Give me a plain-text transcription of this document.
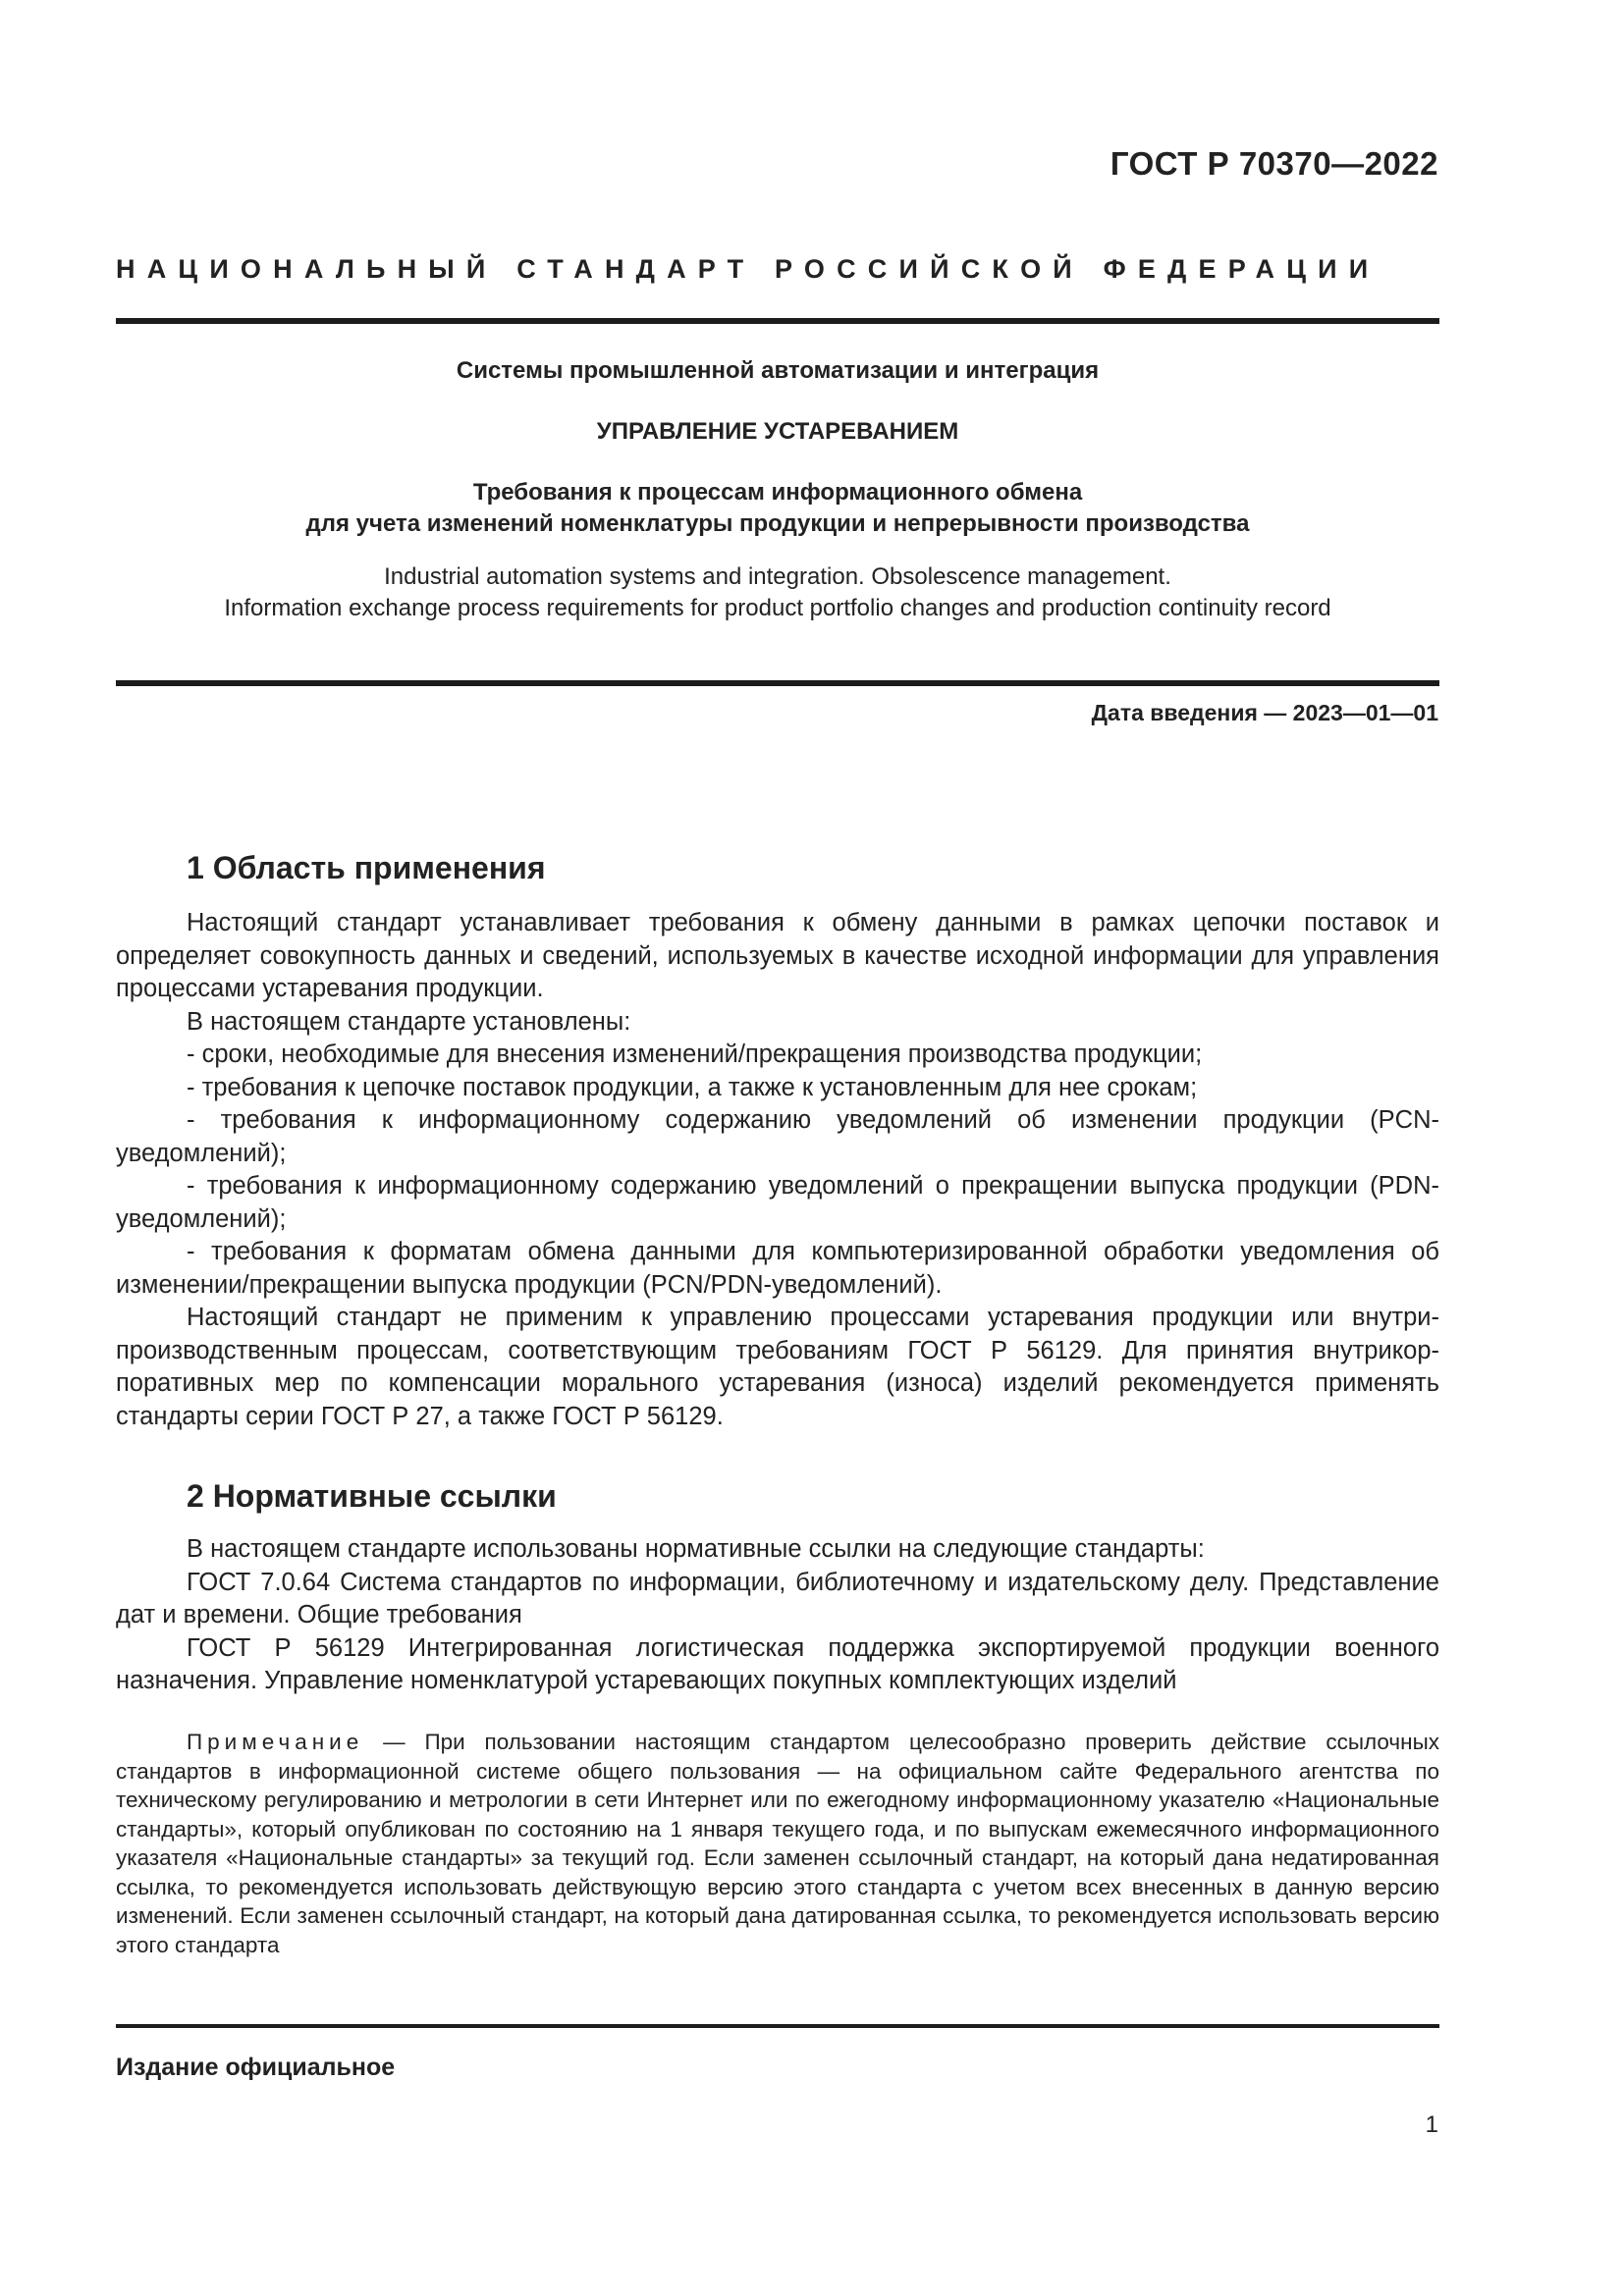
ГОСТ Р 70370—2022
НАЦИОНАЛЬНЫЙ СТАНДАРТ РОССИЙСКОЙ ФЕДЕРАЦИИ
Системы промышленной автоматизации и интеграция
УПРАВЛЕНИЕ УСТАРЕВАНИЕМ
Требования к процессам информационного обмена
для учета изменений номенклатуры продукции и непрерывности производства
Industrial automation systems and integration. Obsolescence management.
Information exchange process requirements for product portfolio changes and production continuity record
Дата введения — 2023—01—01
1 Область применения

Настоящий стандарт устанавливает требования к обмену данными в рамках цепочки поставок и определяет совокупность данных и сведений, используемых в качестве исходной информации для управления процессами устаревания продукции.

В настоящем стандарте установлены:

- сроки, необходимые для внесения изменений/прекращения производства продукции;

- требования к цепочке поставок продукции, а также к установленным для нее срокам;

- требования к информационному содержанию уведомлений об изменении продукции (PCN-уведомлений);

- требования к информационному содержанию уведомлений о прекращении выпуска продукции (PDN-уведомлений);

- требования к форматам обмена данными для компьютеризированной обработки уведомления об изменении/прекращении выпуска продукции (PCN/PDN-уведомлений).

Настоящий стандарт не применим к управлению процессами устаревания продукции или внутрипроизводственным процессам, соответствующим требованиям ГОСТ Р 56129. Для принятия внутрикорпоративных мер по компенсации морального устаревания (износа) изделий рекомендуется применять стандарты серии ГОСТ Р 27, а также ГОСТ Р 56129.

2 Нормативные ссылки

В настоящем стандарте использованы нормативные ссылки на следующие стандарты:

ГОСТ 7.0.64 Система стандартов по информации, библиотечному и издательскому делу. Представление дат и времени. Общие требования

ГОСТ Р 56129 Интегрированная логистическая поддержка экспортируемой продукции военного назначения. Управление номенклатурой устаревающих покупных комплектующих изделий

Примечание — При пользовании настоящим стандартом целесообразно проверить действие ссылочных стандартов в информационной системе общего пользования — на официальном сайте Федерального агентства по техническому регулированию и метрологии в сети Интернет или по ежегодному информационному указателю «Национальные стандарты», который опубликован по состоянию на 1 января текущего года, и по выпускам ежемесячного информационного указателя «Национальные стандарты» за текущий год. Если заменен ссылочный стандарт, на который дана недатированная ссылка, то рекомендуется использовать действующую версию этого стандарта с учетом всех внесенных в данную версию изменений. Если заменен ссылочный стандарт, на который дана датированная ссылка, то рекомендуется использовать версию этого стандарта
Издание официальное
1
